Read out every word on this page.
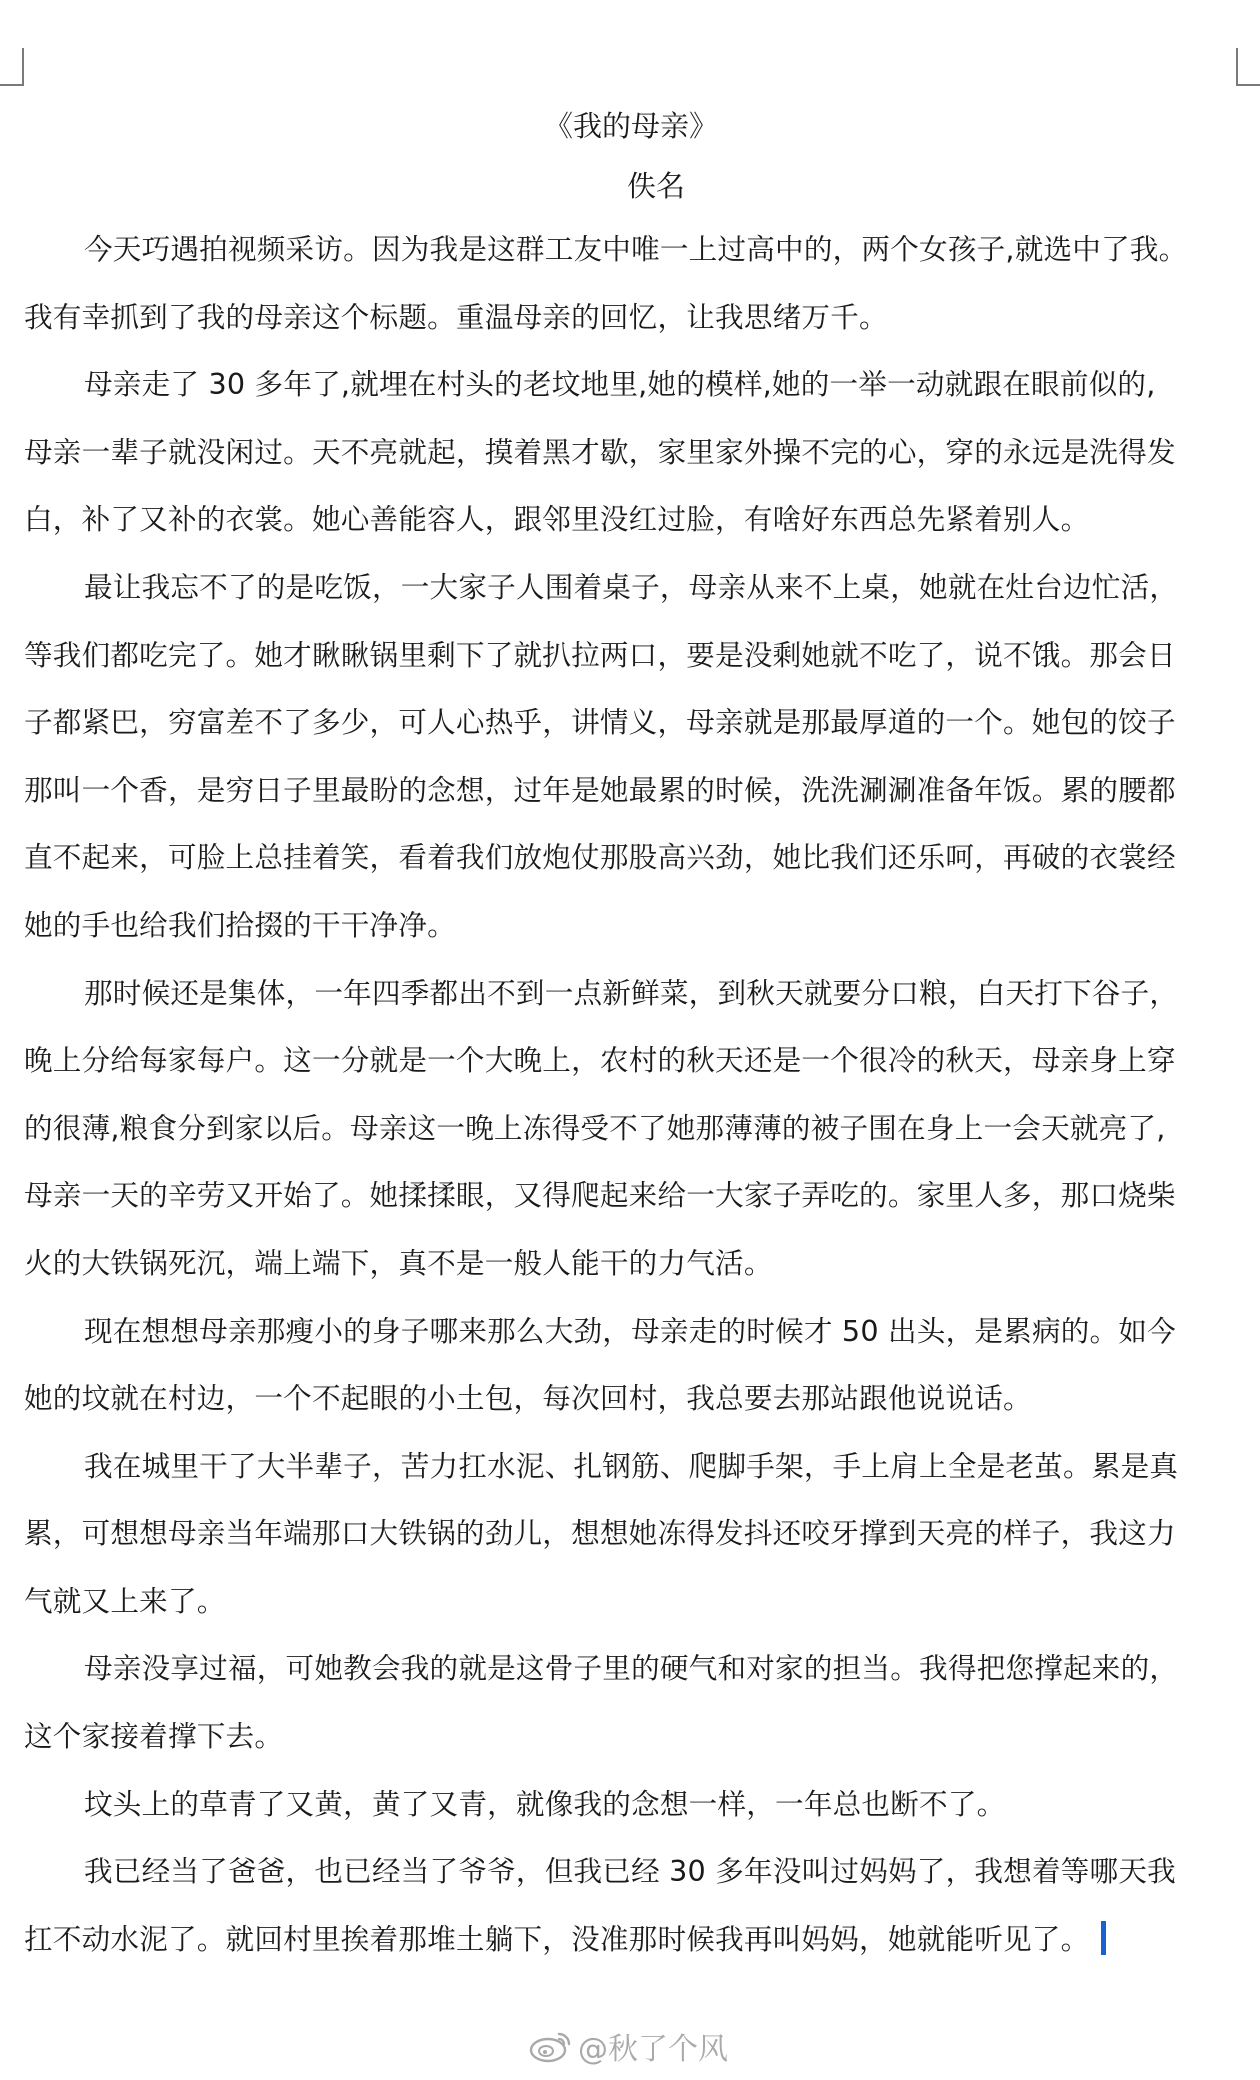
《我的母亲》
佚名

今天巧遇拍视频采访。因为我是这群工友中唯一上过高中的，两个女孩子,就选中了我。
我有幸抓到了我的母亲这个标题。重温母亲的回忆，让我思绪万千。

母亲走了 30 多年了,就埋在村头的老坟地里,她的模样,她的一举一动就跟在眼前似的,
母亲一辈子就没闲过。天不亮就起，摸着黑才歇，家里家外操不完的心，穿的永远是洗得发
白，补了又补的衣裳。她心善能容人，跟邻里没红过脸，有啥好东西总先紧着别人。

最让我忘不了的是吃饭，一大家子人围着桌子，母亲从来不上桌，她就在灶台边忙活，
等我们都吃完了。她才瞅瞅锅里剩下了就扒拉两口，要是没剩她就不吃了，说不饿。那会日
子都紧巴，穷富差不了多少，可人心热乎，讲情义，母亲就是那最厚道的一个。她包的饺子
那叫一个香，是穷日子里最盼的念想，过年是她最累的时候，洗洗涮涮准备年饭。累的腰都
直不起来，可脸上总挂着笑，看着我们放炮仗那股高兴劲，她比我们还乐呵，再破的衣裳经
她的手也给我们拾掇的干干净净。

那时候还是集体，一年四季都出不到一点新鲜菜，到秋天就要分口粮，白天打下谷子，
晚上分给每家每户。这一分就是一个大晚上，农村的秋天还是一个很冷的秋天，母亲身上穿
的很薄,粮食分到家以后。母亲这一晚上冻得受不了她那薄薄的被子围在身上一会天就亮了,
母亲一天的辛劳又开始了。她揉揉眼，又得爬起来给一大家子弄吃的。家里人多，那口烧柴
火的大铁锅死沉，端上端下，真不是一般人能干的力气活。

现在想想母亲那瘦小的身子哪来那么大劲，母亲走的时候才 50 出头，是累病的。如今
她的坟就在村边，一个不起眼的小土包，每次回村，我总要去那站跟他说说话。

我在城里干了大半辈子，苦力扛水泥、扎钢筋、爬脚手架，手上肩上全是老茧。累是真
累，可想想母亲当年端那口大铁锅的劲儿，想想她冻得发抖还咬牙撑到天亮的样子，我这力
气就又上来了。

母亲没享过福，可她教会我的就是这骨子里的硬气和对家的担当。我得把您撑起来的，
这个家接着撑下去。

坟头上的草青了又黄，黄了又青，就像我的念想一样，一年总也断不了。

我已经当了爸爸，也已经当了爷爷，但我已经 30 多年没叫过妈妈了，我想着等哪天我
扛不动水泥了。就回村里挨着那堆土躺下，没准那时候我再叫妈妈，她就能听见了。

@秋了个风
